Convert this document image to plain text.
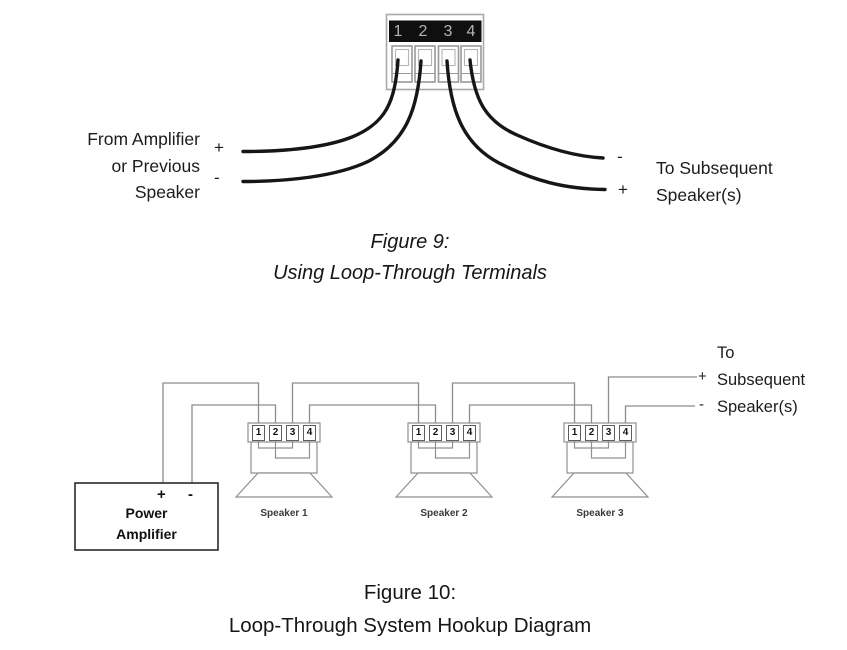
1 2 3 4
From Amplifier
or Previous
Speaker
+
-
-
+
To Subsequent
Speaker(s)
Figure 9:
Using Loop-Through Terminals
To
Subsequent
Speaker(s)
+
-
+ -
Power
Amplifier
1	2	3	4
Speaker 1
1	2	3	4
Speaker 2
1	2	3	4
Speaker 3
Figure 10:
Loop-Through System Hookup Diagram
